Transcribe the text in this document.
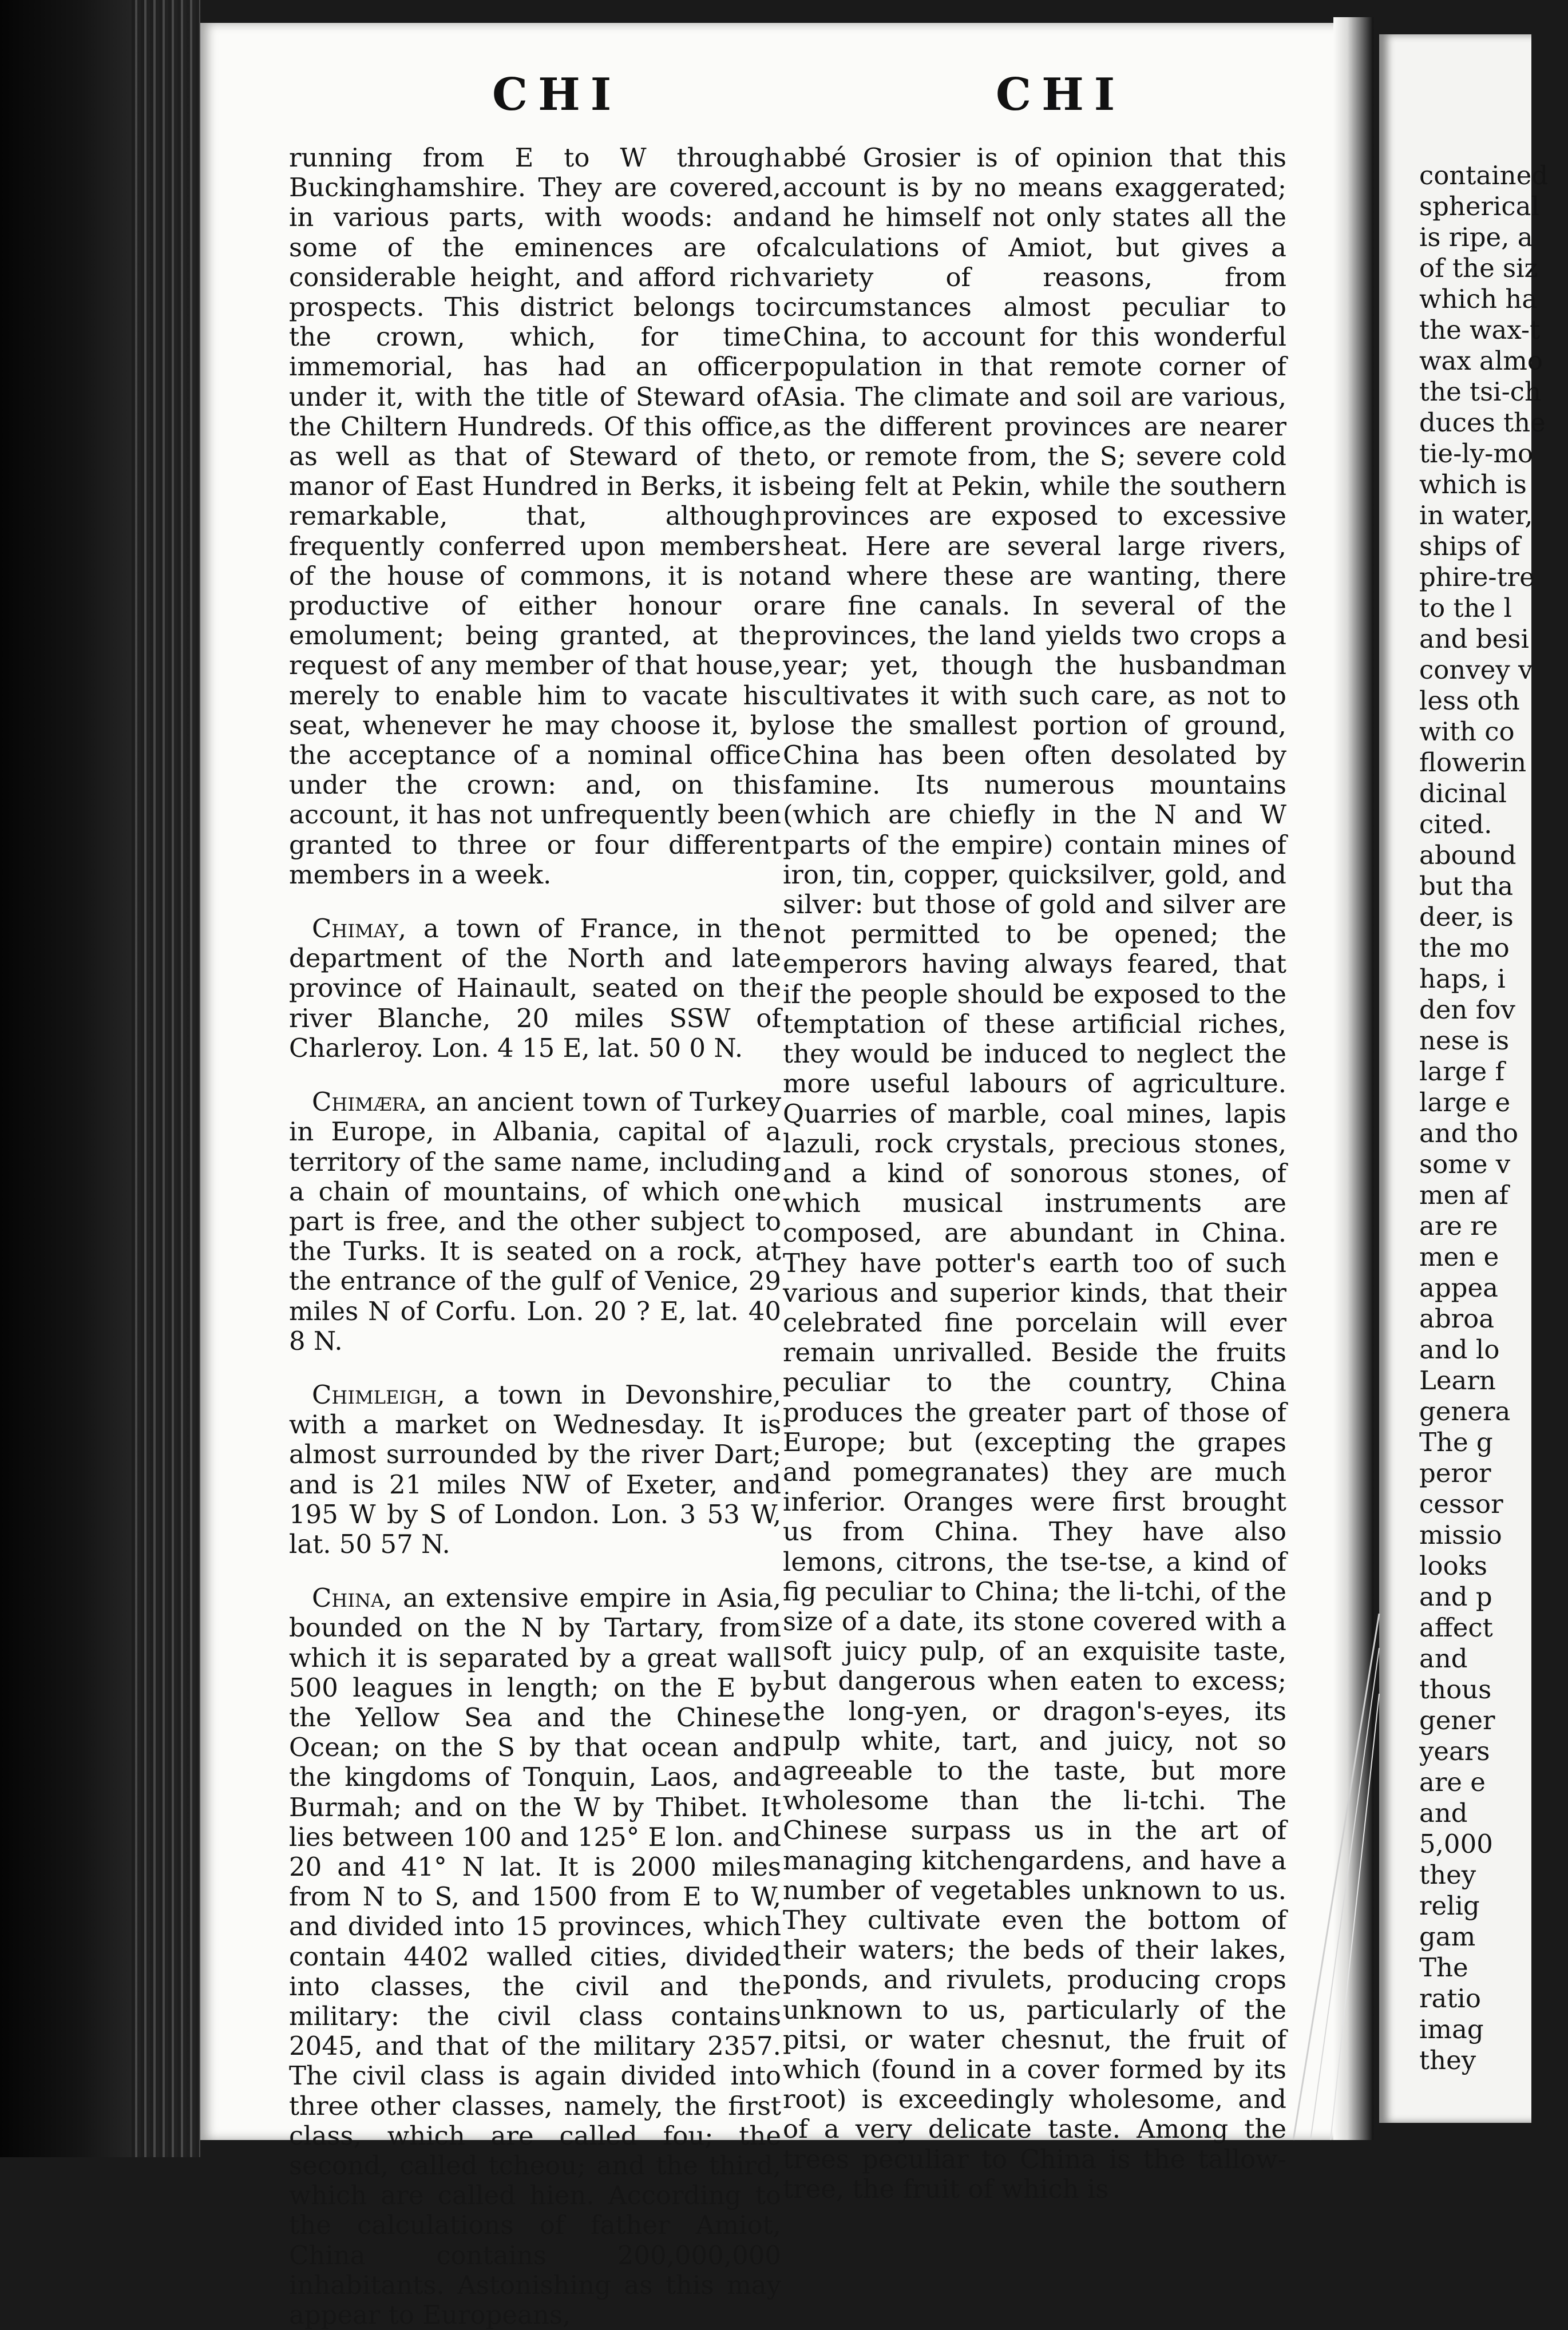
CHI	CHI

running from E to W through Buckinghamshire. They are covered, in various parts, with woods: and some of the eminences are of considerable height, and afford rich prospects. This district belongs to the crown, which, for time immemorial, has had an officer under it, with the title of Steward of the Chiltern Hundreds. Of this office, as well as that of Steward of the manor of East Hundred in Berks, it is remarkable, that, although frequently conferred upon members of the house of commons, it is not productive of either honour or emolument; being granted, at the request of any member of that house, merely to enable him to vacate his seat, whenever he may choose it, by the acceptance of a nominal office under the crown: and, on this account, it has not unfrequently been granted to three or four different members in a week.

Chimay, a town of France, in the department of the North and late province of Hainault, seated on the river Blanche, 20 miles SSW of Charleroy. Lon. 4 15 E, lat. 50 0 N.

Chimæra, an ancient town of Turkey in Europe, in Albania, capital of a territory of the same name, including a chain of mountains, of which one part is free, and the other subject to the Turks. It is seated on a rock, at the entrance of the gulf of Venice, 29 miles N of Corfu. Lon. 20 ? E, lat. 40 8 N.

Chimleigh, a town in Devonshire, with a market on Wednesday. It is almost surrounded by the river Dart; and is 21 miles NW of Exeter, and 195 W by S of London. Lon. 3 53 W, lat. 50 57 N.

China, an extensive empire in Asia, bounded on the N by Tartary, from which it is separated by a great wall 500 leagues in length; on the E by the Yellow Sea and the Chinese Ocean; on the S by that ocean and the kingdoms of Tonquin, Laos, and Burmah; and on the W by Thibet. It lies between 100 and 125° E lon. and 20 and 41° N lat. It is 2000 miles from N to S, and 1500 from E to W, and divided into 15 provinces, which contain 4402 walled cities, divided into classes, the civil and the military: the civil class contains 2045, and that of the military 2357. The civil class is again divided into three other classes, namely, the first class, which are called fou; the second, called tcheou; and the third, which are called hien. According to the calculations of father Amiot, China contains 200,000,000 inhabitants. Astonishing as this may appear to Europeans,

abbé Grosier is of opinion that this account is by no means exaggerated; and he himself not only states all the calculations of Amiot, but gives a variety of reasons, from circumstances almost peculiar to China, to account for this wonderful population in that remote corner of Asia. The climate and soil are various, as the different provinces are nearer to, or remote from, the S; severe cold being felt at Pekin, while the southern provinces are exposed to excessive heat. Here are several large rivers, and where these are wanting, there are fine canals. In several of the provinces, the land yields two crops a year; yet, though the husbandman cultivates it with such care, as not to lose the smallest portion of ground, China has been often desolated by famine. Its numerous mountains (which are chiefly in the N and W parts of the empire) contain mines of iron, tin, copper, quicksilver, gold, and silver: but those of gold and silver are not permitted to be opened; the emperors having always feared, that if the people should be exposed to the temptation of these artificial riches, they would be induced to neglect the more useful labours of agriculture. Quarries of marble, coal mines, lapis lazuli, rock crystals, precious stones, and a kind of sonorous stones, of which musical instruments are composed, are abundant in China. They have potter's earth too of such various and superior kinds, that their celebrated fine porcelain will ever remain unrivalled. Beside the fruits peculiar to the country, China produces the greater part of those of Europe; but (excepting the grapes and pomegranates) they are much inferior. Oranges were first brought us from China. They have also lemons, citrons, the tse-tse, a kind of fig peculiar to China; the li-tchi, of the size of a date, its stone covered with a soft juicy pulp, of an exquisite taste, but dangerous when eaten to excess; the long-yen, or dragon's-eyes, its pulp white, tart, and juicy, not so agreeable to the taste, but more wholesome than the li-tchi. The Chinese surpass us in the art of managing kitchengardens, and have a number of vegetables unknown to us. They cultivate even the bottom of their waters; the beds of their lakes, ponds, and rivulets, producing crops unknown to us, particularly of the pitsi, or water chesnut, the fruit of which (found in a cover formed by its root) is exceedingly wholesome, and of a very delicate taste. Among the trees peculiar to China is the tallow-tree, the fruit of which is

contained
spherical
is ripe, a
of the siz
which ha
the wax-t
wax almo
the tsi-ch
duces the
tie-ly-mo
which is
in water,
ships of
phire-tre
to the l
and besi
convey v
less oth
with co
flowerin
dicinal
cited.
abound
but tha
deer, is
the mo
haps, i
den fov
nese is
large f
large e
and tho
some v
men af
are re
men e
appea
abroa
and lo
Learn
genera
The g
peror
cessor
missio
looks
and p
affect
and
thous
gener
years
are e
and
5,000
they
relig
gam
The
ratio
imag
they
